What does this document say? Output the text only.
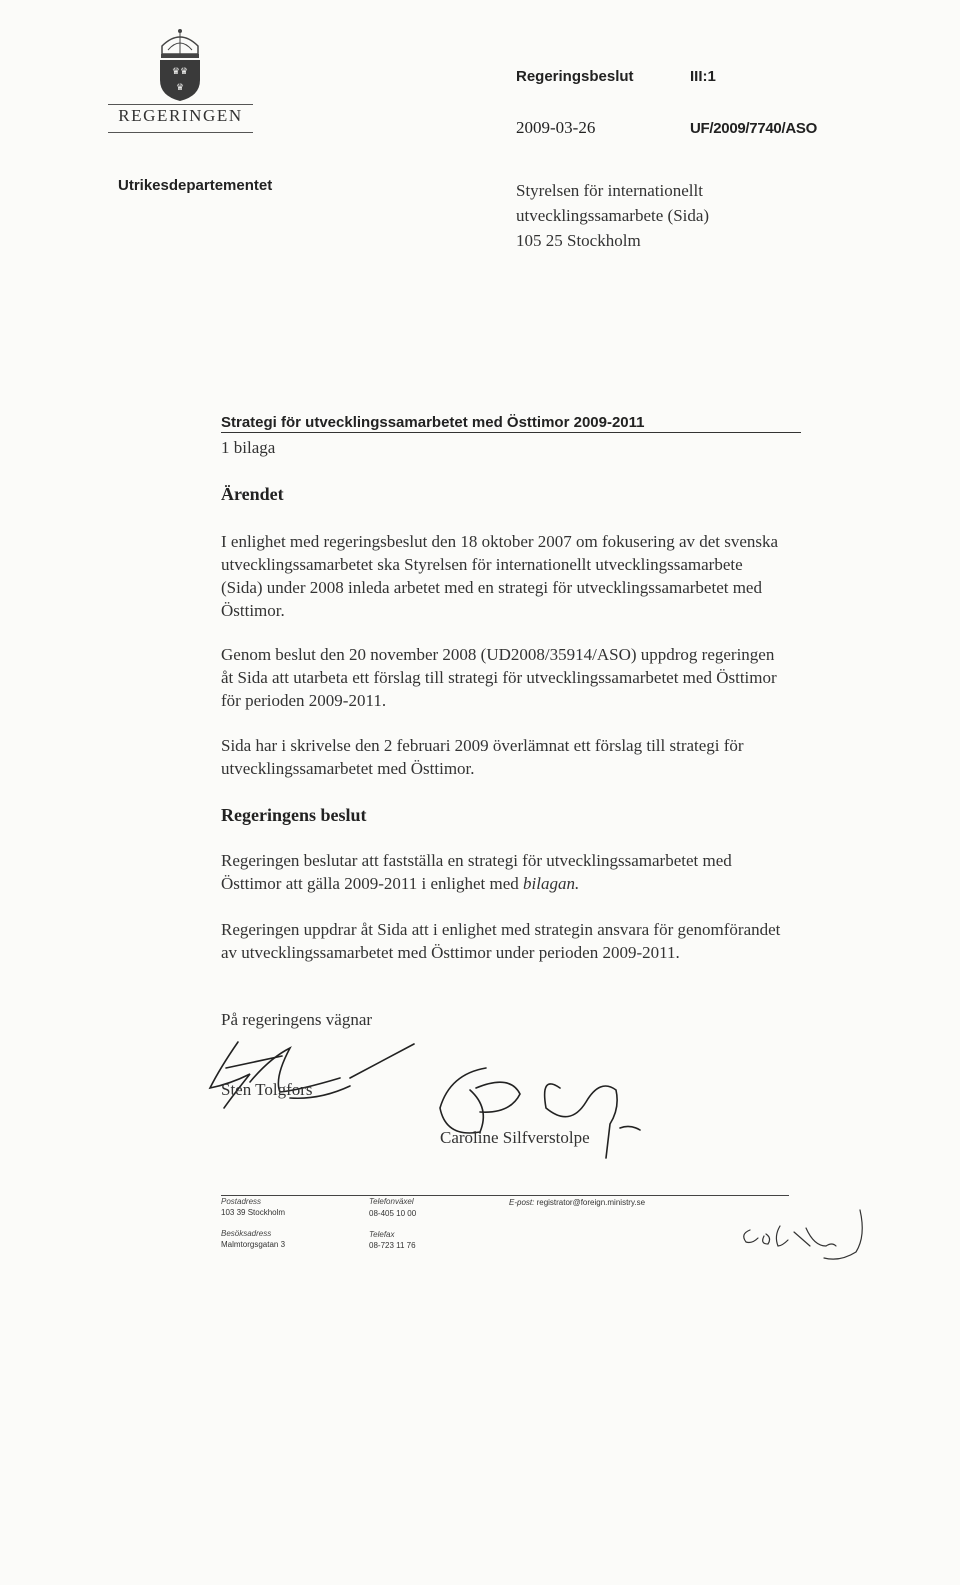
♛♛
♛
REGERINGEN
Regeringsbeslut	III:1
2009-03-26	UF/2009/7740/ASO
Utrikesdepartementet	Styrelsen för internationellt
utvecklingssamarbete (Sida)
105 25 Stockholm
Strategi för utvecklingssamarbetet med Östtimor 2009-2011
1 bilaga
Ärendet
I enlighet med regeringsbeslut den 18 oktober 2007 om fokusering av det svenska utvecklingssamarbetet ska Styrelsen för internationellt utvecklingssamarbete (Sida) under 2008 inleda arbetet med en strategi för utvecklingssamarbetet med Östtimor.
Genom beslut den 20 november 2008 (UD2008/35914/ASO) uppdrog regeringen åt Sida att utarbeta ett förslag till strategi för utvecklingssamarbetet med Östtimor för perioden 2009-2011.
Sida har i skrivelse den 2 februari 2009 överlämnat ett förslag till strategi för utvecklingssamarbetet med Östtimor.
Regeringens beslut
Regeringen beslutar att fastställa en strategi för utvecklingssamarbetet med Östtimor att gälla 2009-2011 i enlighet med bilagan.
Regeringen uppdrar åt Sida att i enlighet med strategin ansvara för genomförandet av utvecklingssamarbetet med Östtimor under perioden 2009-2011.
På regeringens vägnar
Sten Tolgfors
Caroline Silfverstolpe
Postadress
103 39 Stockholm
Besöksadress
Malmtorgsgatan 3
Telefonväxel
08-405 10 00
Telefax
08-723 11 76
E-post: registrator@foreign.ministry.se
